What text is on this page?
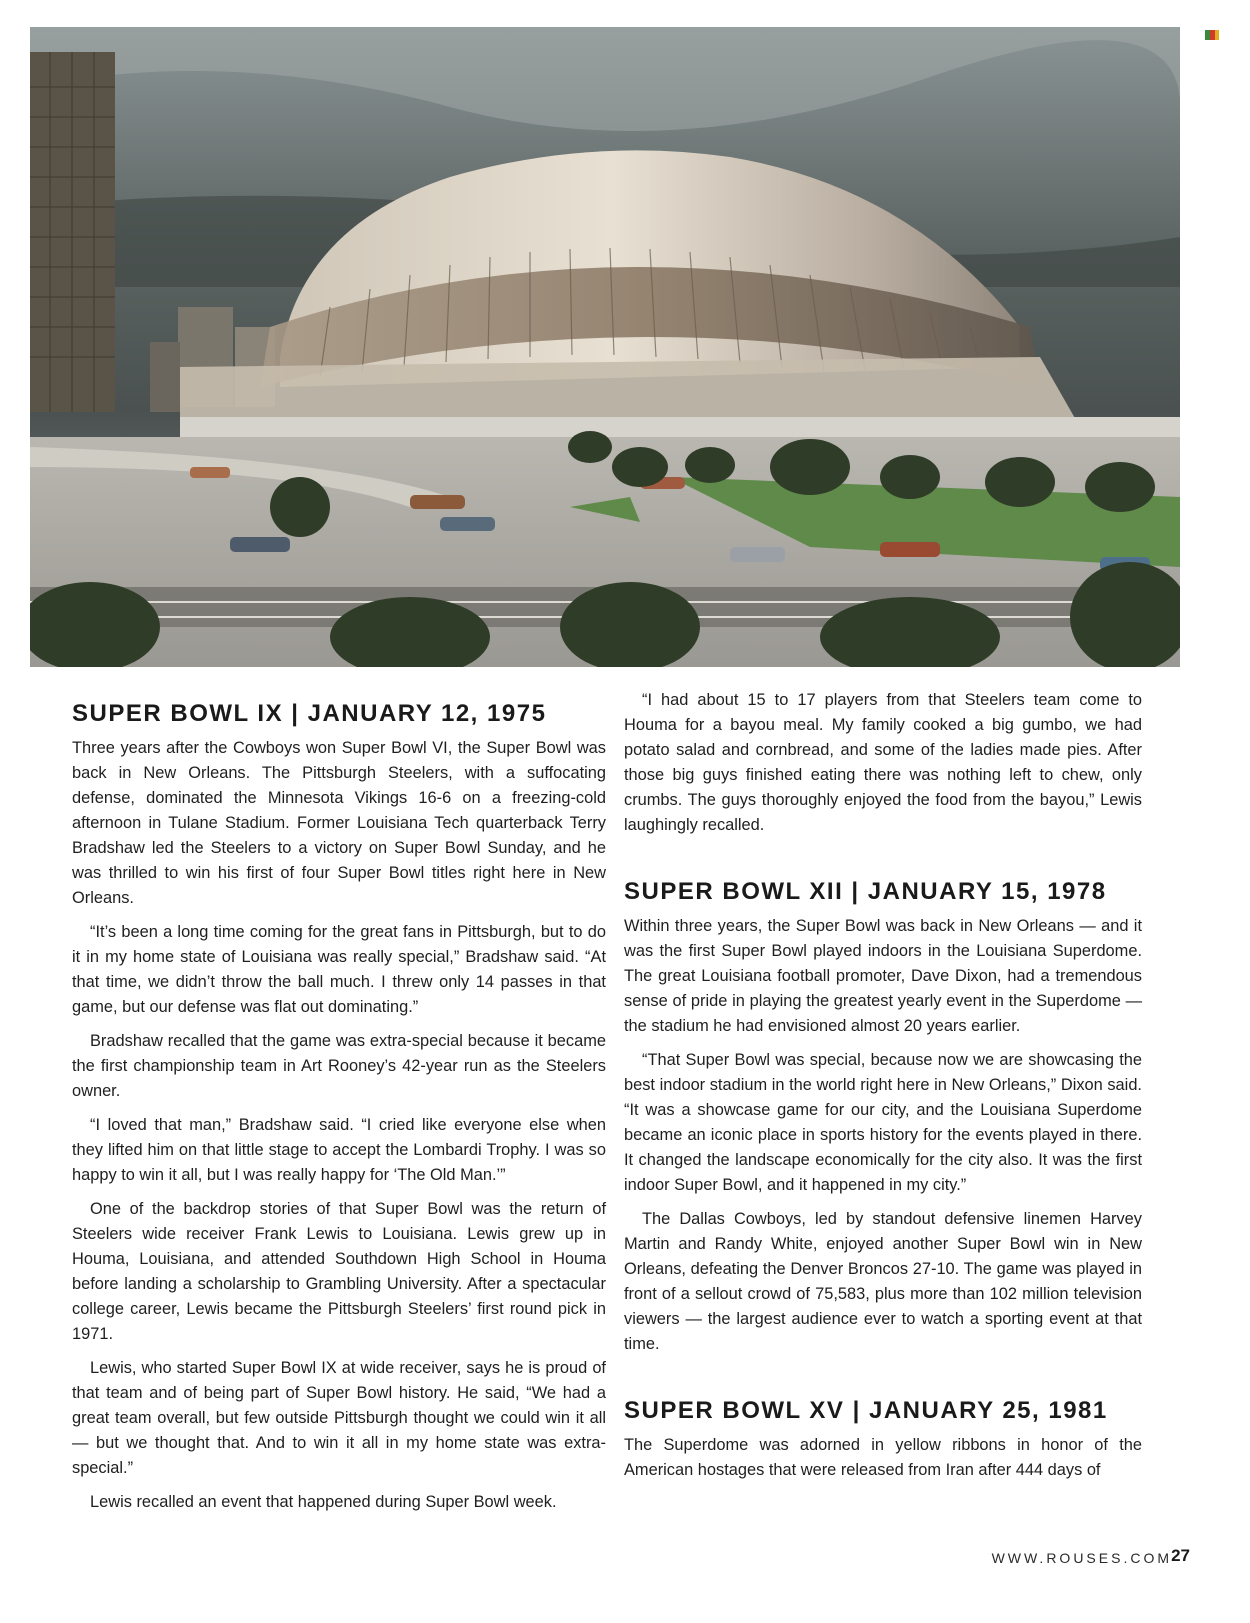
SUPER BOWL IX | JANUARY 12, 1975

Three years after the Cowboys won Super Bowl VI, the Super Bowl was back in New Orleans. The Pittsburgh Steelers, with a suffocating defense, dominated the Minnesota Vikings 16-6 on a freezing-cold afternoon in Tulane Stadium. Former Louisiana Tech quarterback Terry Bradshaw led the Steelers to a victory on Super Bowl Sunday, and he was thrilled to win his first of four Super Bowl titles right here in New Orleans.

“It’s been a long time coming for the great fans in Pittsburgh, but to do it in my home state of Louisiana was really special,” Bradshaw said. “At that time, we didn’t throw the ball much. I threw only 14 passes in that game, but our defense was flat out dominating.”

Bradshaw recalled that the game was extra-special because it became the first championship team in Art Rooney’s 42-year run as the Steelers owner.

“I loved that man,” Bradshaw said. “I cried like everyone else when they lifted him on that little stage to accept the Lombardi Trophy. I was so happy to win it all, but I was really happy for ‘The Old Man.’”

One of the backdrop stories of that Super Bowl was the return of Steelers wide receiver Frank Lewis to Louisiana. Lewis grew up in Houma, Louisiana, and attended Southdown High School in Houma before landing a scholarship to Grambling University. After a spectacular college career, Lewis became the Pittsburgh Steelers’ first round pick in 1971.

Lewis, who started Super Bowl IX at wide receiver, says he is proud of that team and of being part of Super Bowl history. He said, “We had a great team overall, but few outside Pittsburgh thought we could win it all — but we thought that. And to win it all in my home state was extra-special.”

Lewis recalled an event that happened during Super Bowl week.

“I had about 15 to 17 players from that Steelers team come to Houma for a bayou meal. My family cooked a big gumbo, we had potato salad and cornbread, and some of the ladies made pies. After those big guys finished eating there was nothing left to chew, only crumbs. The guys thoroughly enjoyed the food from the bayou,” Lewis laughingly recalled.

SUPER BOWL XII | JANUARY 15, 1978

Within three years, the Super Bowl was back in New Orleans — and it was the first Super Bowl played indoors in the Louisiana Superdome. The great Louisiana football promoter, Dave Dixon, had a tremendous sense of pride in playing the greatest yearly event in the Superdome — the stadium he had envisioned almost 20 years earlier.

“That Super Bowl was special, because now we are showcasing the best indoor stadium in the world right here in New Orleans,” Dixon said. “It was a showcase game for our city, and the Louisiana Superdome became an iconic place in sports history for the events played in there. It changed the landscape economically for the city also. It was the first indoor Super Bowl, and it happened in my city.”

The Dallas Cowboys, led by standout defensive linemen Harvey Martin and Randy White, enjoyed another Super Bowl win in New Orleans, defeating the Denver Broncos 27-10. The game was played in front of a sellout crowd of 75,583, plus more than 102 million television viewers — the largest audience ever to watch a sporting event at that time.

SUPER BOWL XV | JANUARY 25, 1981

The Superdome was adorned in yellow ribbons in honor of the American hostages that were released from Iran after 444 days of

WWW.ROUSES.COM 27
